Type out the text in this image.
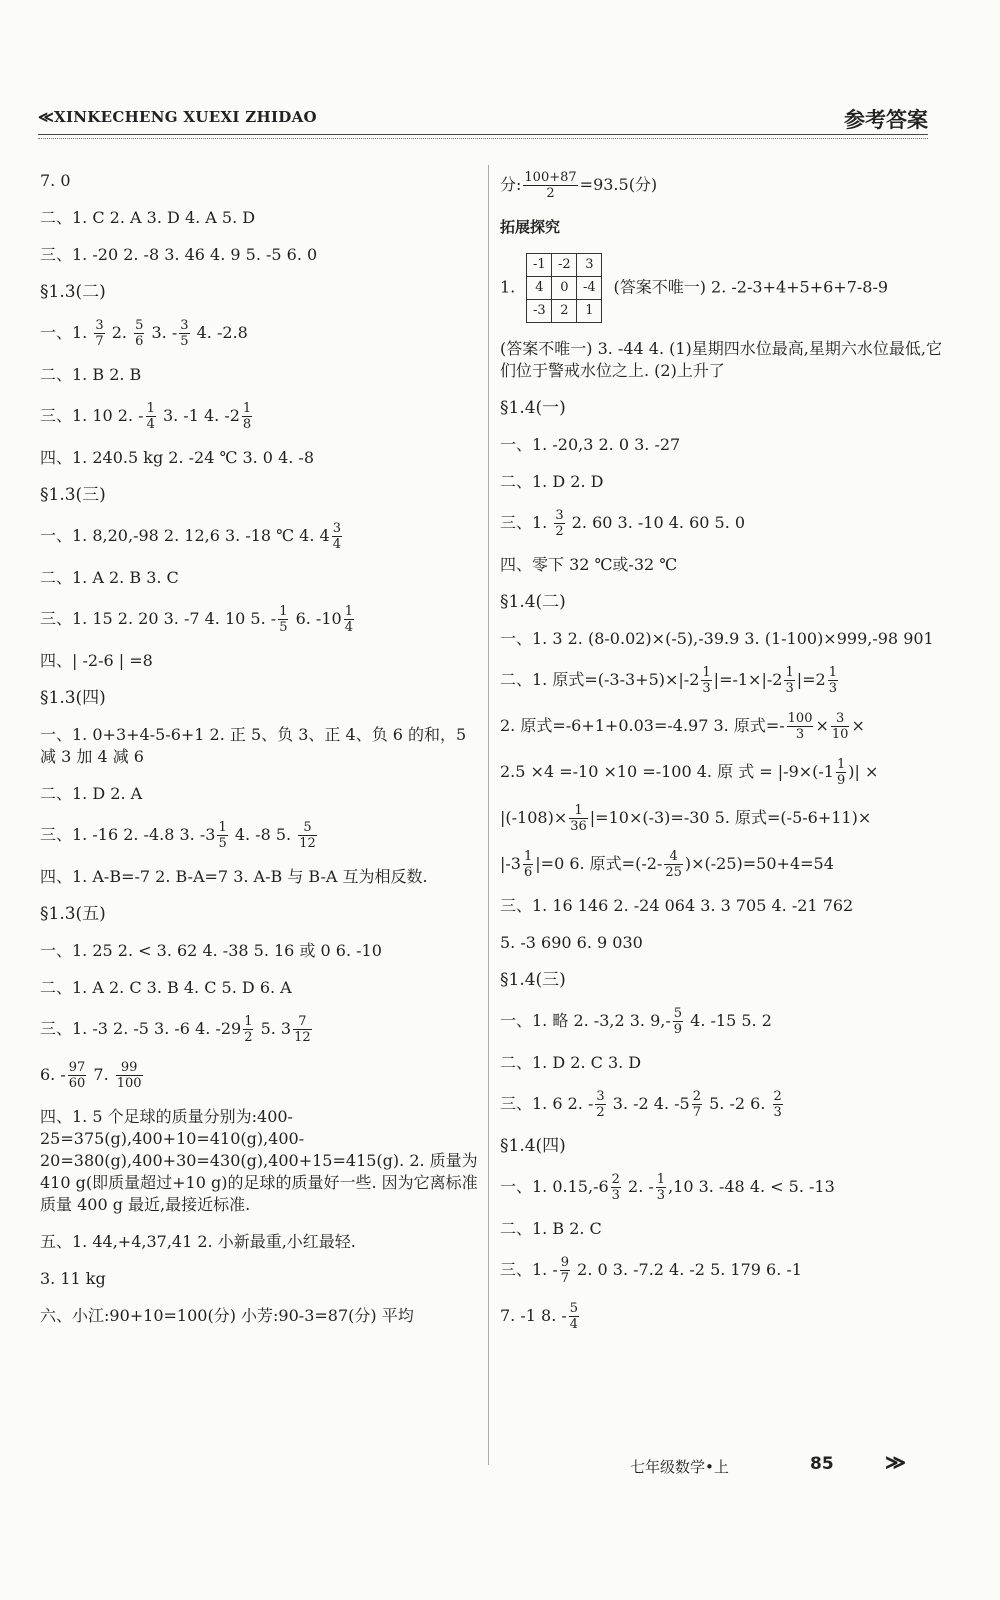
≪XINKECHENG XUEXI ZHIDAO	参考答案
7. 0
二、1. C 2. A 3. D 4. A 5. D
三、1. -20 2. -8 3. 46 4. 9 5. -5 6. 0
§1.3(二)
一、1. $\frac{3}{7} 2$. $\frac{5}{6} 3$. - $\frac{3}{5} 4$. -2.8
二、1. B 2. B
三、1. 10 2. - $\frac{1}{4} 3$. -1 4. $-2 \frac{1}{8}$
四、1. 240.5 kg 2. -24 ℃ 3. 0 4. -8
§1.3(三)
一、1. 8,20,-98 2. 12,6 3. -18 ℃ 4. $4 \frac{3}{4}$
二、1. A 2. B 3. C
三、1. 15 2. 20 3. -7 4. 10 5. - $\frac{1}{5} 6$. $-10 \frac{1}{4}$
四、| -2-6 | =8
§1.3(四)
一、1. 0+3+4-5-6+1 2. 正 5、负 3、正 4、负 6 的和，5 减 3 加 4 减 6
二、1. D 2. A
三、1. -16 2. -4.8 3. $-3 \frac{1}{5} 4$. -8 5. $\frac{5}{12}$
四、1. A-B=-7 2. B-A=7 3. A-B 与 B-A 互为相反数.
§1.3(五)
一、1. 25 2. < 3. 62 4. -38 5. 16 或 0 6. -10
二、1. A 2. C 3. B 4. C 5. D 6. A
三、1. -3 2. -5 3. -6 4. $-29 \frac{1}{2} 5$. $3 \frac{7}{12}$
6. - $\frac{97}{60} 7$. $\frac{99}{100}$
四、1. 5 个足球的质量分别为:400-25=375(g),400+10=410(g),400-20=380(g),400+30=430(g),400+15=415(g). 2. 质量为 410 g(即质量超过+10 g)的足球的质量好一些. 因为它离标准质量 400 g 最近,最接近标准.
五、1. 44,+4,37,41 2. 小新最重,小红最轻.
3. 11 kg
六、小江:90+10=100(分) 小芳:90-3=87(分) 平均
分: $\frac{100+87}{2} =93.5$(分)
拓展探究
1. -1	-2	3
4	0	-4
-3	2	1 (答案不唯一) 2. -2-3+4+5+6+7-8-9
(答案不唯一) 3. -44 4. (1)星期四水位最高,星期六水位最低,它们位于警戒水位之上. (2)上升了
§1.4(一)
一、1. -20,3 2. 0 3. -27
二、1. D 2. D
三、1. $\frac{3}{2} 2$. 60 3. -10 4. 60 5. 0
四、零下 32 ℃或-32 ℃
§1.4(二)
一、1. 3 2. (8-0.02)×(-5),-39.9 3. (1-100)×999,-98 901
二、1. 原式$=(-3-3+5)\times|-2 \frac{1}{3} |=-1\times|-2 \frac{1}{3} |=2 \frac{1}{3}$
2. 原式=-6+1+0.03=-4.97 3. 原式=- $\frac{100}{3} \times \frac{3}{10}$ ×
2.5 ×4 =-10 ×10 =-100 4. 原 式 = $|-9\times(-1 \frac{1}{9}$ )| ×
$|(-108)\times \frac{1}{36} |=10\times(-3)=-30$ 5. 原式=(-5-6+11)×
$|-3 \frac{1}{6} |=0$ 6. 原式$=(-2- \frac{4}{25} )\times(-25)=50+4=54$
三、1. 16 146 2. -24 064 3. 3 705 4. -21 762
5. -3 690 6. 9 030
§1.4(三)
一、1. 略 2. -3,2 3. $9,- \frac{5}{9} 4$. -15 5. 2
二、1. D 2. C 3. D
三、1. 6 2. - $\frac{3}{2} 3$. -2 4. $-5 \frac{2}{7} 5$. -2 6. $\frac{2}{3}$
§1.4(四)
一、1. $0.15,-6 \frac{2}{3} 2$. - $\frac{1}{3} ,10$ 3. -48 4. < 5. -13
二、1. B 2. C
三、1. - $\frac{9}{7} 2$. 0 3. -7.2 4. -2 5. 179 6. -1
7. -1 8. - $\frac{5}{4}$
七年级数学•上	85	≫
